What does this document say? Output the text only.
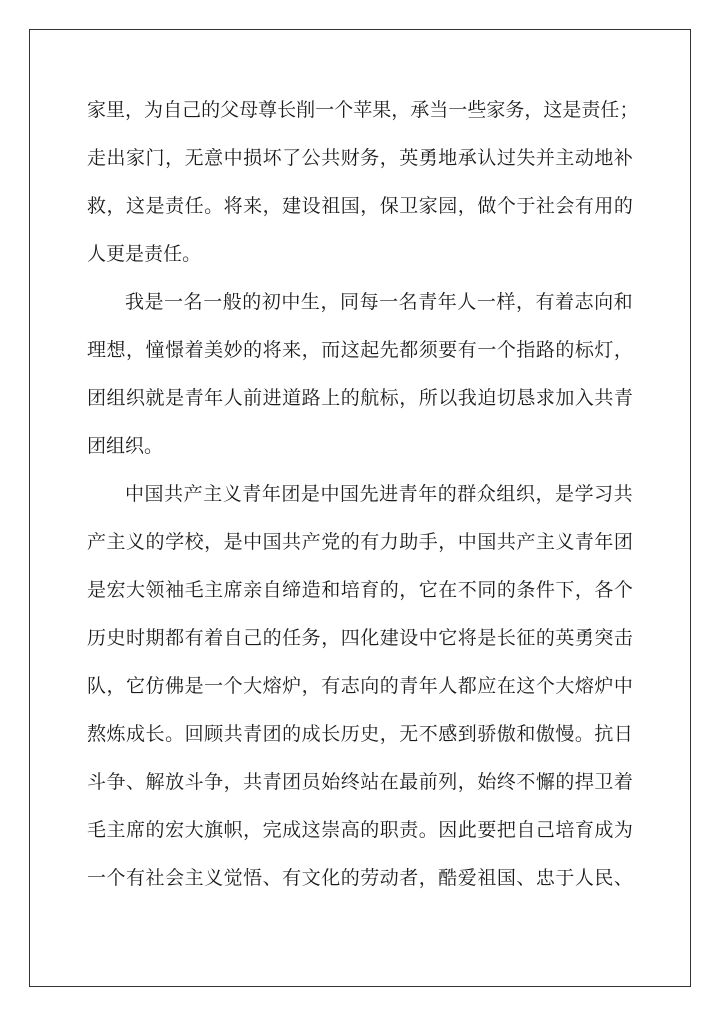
家 里 ， 为 自 己 的 父 母 尊 长 削 一 个 苹 果 ， 承 当 一 些 家 务 ， 这 是 责 任 ；
走 出 家 门 ， 无 意 中 损 坏 了 公 共 财 务 ， 英 勇 地 承 认 过 失 并 主 动 地 补
救 ， 这 是 责 任 。 将 来 ， 建 设 祖 国 ， 保 卫 家 园 ， 做 个 于 社 会 有 用 的
人 更 是 责 任 。
我 是 一 名 一 般 的 初 中 生 ， 同 每 一 名 青 年 人 一 样 ， 有 着 志 向 和
理 想 ， 憧 憬 着 美 妙 的 将 来 ， 而 这 起 先 都 须 要 有 一 个 指 路 的 标 灯 ，
团 组 织 就 是 青 年 人 前 进 道 路 上 的 航 标 ， 所 以 我 迫 切 恳 求 加 入 共 青
团 组 织 。
中 国 共 产 主 义 青 年 团 是 中 国 先 进 青 年 的 群 众 组 织 ， 是 学 习 共
产 主 义 的 学 校 ， 是 中 国 共 产 党 的 有 力 助 手 ， 中 国 共 产 主 义 青 年 团
是 宏 大 领 袖 毛 主 席 亲 自 缔 造 和 培 育 的 ， 它 在 不 同 的 条 件 下 ， 各 个
历 史 时 期 都 有 着 自 己 的 任 务 ， 四 化 建 设 中 它 将 是 长 征 的 英 勇 突 击
队 ， 它 仿 佛 是 一 个 大 熔 炉 ， 有 志 向 的 青 年 人 都 应 在 这 个 大 熔 炉 中
熬 炼 成 长 。 回 顾 共 青 团 的 成 长 历 史 ， 无 不 感 到 骄 傲 和 傲 慢 。 抗 日
斗 争 、 解 放 斗 争 ， 共 青 团 员 始 终 站 在 最 前 列 ， 始 终 不 懈 的 捍 卫 着
毛 主 席 的 宏 大 旗 帜 ， 完 成 这 崇 高 的 职 责 。 因 此 要 把 自 己 培 育 成 为
一 个 有 社 会 主 义 觉 悟 、 有 文 化 的 劳 动 者 ， 酷 爱 祖 国 、 忠 于 人 民 、
